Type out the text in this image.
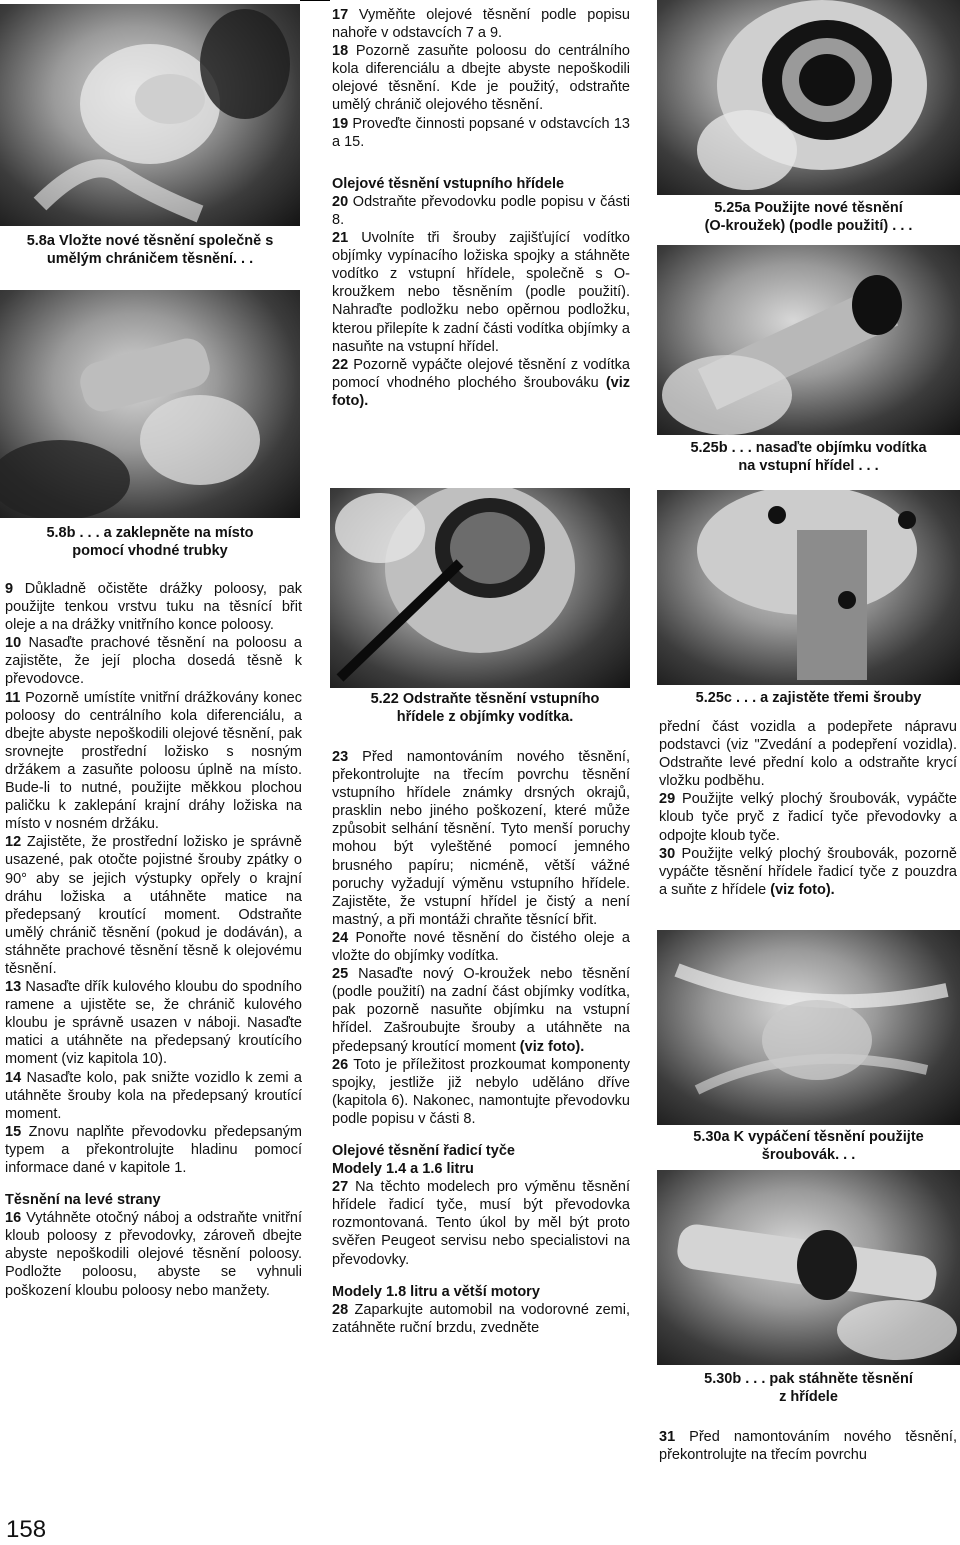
5.8a Vložte nové těsnění společně s
umělým chráničem těsnění. . .
5.8b . . . a zaklepněte na místo
pomocí vhodné trubky
5.22 Odstraňte těsnění vstupního
hřídele z objímky vodítka.
5.25a Použijte nové těsnění
(O-kroužek) (podle použití) . . .
5.25b . . . nasaďte objímku vodítka
na vstupní hřídel . . .
5.25c . . . a zajistěte třemi šrouby
5.30a K vypáčení těsnění použijte
šroubovák. . .
5.30b . . . pak stáhněte těsnění
z hřídele

9 Důkladně očistěte drážky poloosy, pak použijte tenkou vrstvu tuku na těsnící břit oleje a na drážky vnitřního konce poloosy.

10 Nasaďte prachové těsnění na poloosu a zajistěte, že její plocha dosedá těsně k převodovce.

11 Pozorně umístíte vnitřní drážkovány konec poloosy do centrálního kola diferenciálu, a dbejte abyste nepoškodili olejové těsnění, pak srovnejte prostřední ložisko s nosným držákem a zasuňte poloosu úplně na místo. Bude-li to nutné, použijte měkkou plochou paličku k zaklepání krajní dráhy ložiska na místo v nosném držáku.

12 Zajistěte, že prostřední ložisko je správně usazené, pak otočte pojistné šrouby zpátky o 90° aby se jejich výstupky opřely o krajní dráhu ložiska a utáhněte matice na předepsaný kroutící moment. Odstraňte umělý chránič těsnění (pokud je dodáván), a stáhněte prachové těsnění těsně k olejovému těsnění.

13 Nasaďte dřík kulového kloubu do spodního ramene a ujistěte se, že chránič kulového kloubu je správně usazen v náboji. Nasaďte matici a utáhněte na předepsaný kroutícího moment (viz kapitola 10).

14 Nasaďte kolo, pak snižte vozidlo k zemi a utáhněte šrouby kola na předepsaný kroutící moment.

15 Znovu naplňte převodovku předepsaným typem a překontrolujte hladinu pomocí informace dané v kapitole 1.

Těsnění na levé strany

16 Vytáhněte otočný náboj a odstraňte vnitřní kloub poloosy z převodovky, zároveň dbejte abyste nepoškodili olejové těsnění poloosy. Podložte poloosu, abyste se vyhnuli poškození kloubu poloosy nebo manžety.

17 Vyměňte olejové těsnění podle popisu nahoře v odstavcích 7 a 9.

18 Pozorně zasuňte poloosu do centrálního kola diferenciálu a dbejte abyste nepoškodili olejové těsnění. Kde je použitý, odstraňte umělý chránič olejového těsnění.

19 Proveďte činnosti popsané v odstavcích 13 a 15.

Olejové těsnění vstupního hřídele

20 Odstraňte převodovku podle popisu v části 8.

21 Uvolníte tři šrouby zajišťující vodítko objímky vypínacího ložiska spojky a stáhněte vodítko z vstupní hřídele, společně s O-kroužkem nebo těsněním (podle použití). Nahraďte podložku nebo opěrnou podložku, kterou přilepíte k zadní části vodítka objímky a nasuňte na vstupní hřídel.

22 Pozorně vypáčte olejové těsnění z vodítka pomocí vhodného plochého šroubováku (viz foto).

23 Před namontováním nového těsnění, překontrolujte na třecím povrchu těsnění vstupního hřídele známky drsných okrajů, prasklin nebo jiného poškození, které může způsobit selhání těsnění. Tyto menší poruchy mohou být vyleštěné pomocí jemného brusného papíru; nicméně, větší vážné poruchy vyžadují výměnu vstupního hřídele. Zajistěte, že vstupní hřídel je čistý a není mastný, a při montáži chraňte těsnící břit.

24 Ponořte nové těsnění do čistého oleje a vložte do objímky vodítka.

25 Nasaďte nový O-kroužek nebo těsnění (podle použití) na zadní část objímky vodítka, pak pozorně nasuňte objímku na vstupní hřídel. Zašroubujte šrouby a utáhněte na předepsaný kroutící moment (viz foto).

26 Toto je příležitost prozkoumat komponenty spojky, jestliže již nebylo uděláno dříve (kapitola 6). Nakonec, namontujte převodovku podle popisu v části 8.

Olejové těsnění řadicí tyče

Modely 1.4 a 1.6 litru

27 Na těchto modelech pro výměnu těsnění hřídele řadicí tyče, musí být převodovka rozmontovaná. Tento úkol by měl být proto svěřen Peugeot servisu nebo specialistovi na převodovky.

Modely 1.8 litru a větší motory

28 Zaparkujte automobil na vodorovné zemi, zatáhněte ruční brzdu, zvedněte

přední část vozidla a podepřete nápravu podstavci (viz "Zvedání a podepření vozidla). Odstraňte levé přední kolo a odstraňte krycí vložku podběhu.

29 Použijte velký plochý šroubovák, vypáčte kloub tyče pryč z řadicí tyče převodovky a odpojte kloub tyče.

30 Použijte velký plochý šroubovák, pozorně vypáčte těsnění hřídele řadicí tyče z pouzdra a suňte z hřídele (viz foto).

31 Před namontováním nového těsnění, překontrolujte na třecím povrchu

158
